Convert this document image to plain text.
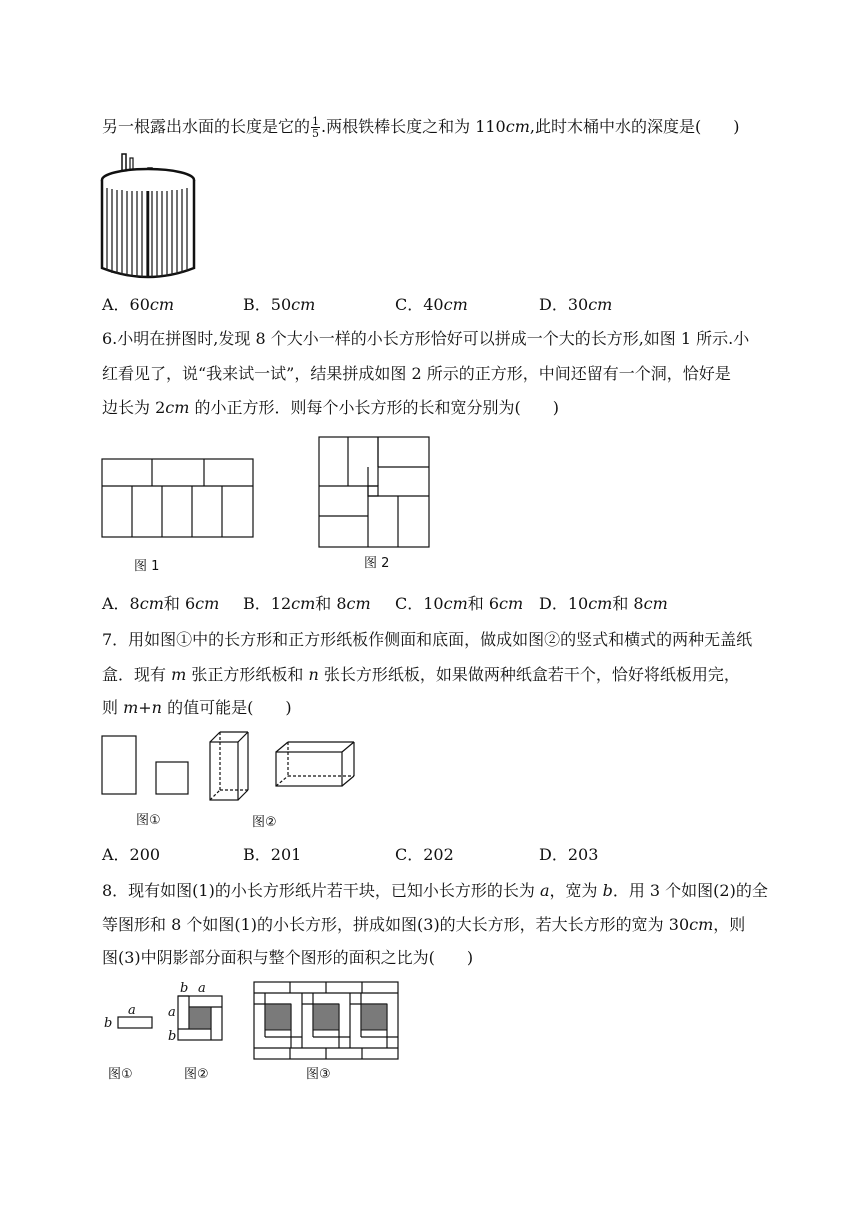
另一根露出水面的长度是它的 $\frac{1}{5}$ .两根铁棒长度之和为 110cm,此时木桶中水的深度是(　　)
A．60cm	B．50cm	C．40cm	D．30cm
6.小明在拼图时,发现 8 个大小一样的小长方形恰好可以拼成一个大的长方形,如图 1 所示.小
红看见了，说“我来试一试”，结果拼成如图 2 所示的正方形，中间还留有一个洞，恰好是
边长为 2cm 的小正方形．则每个小长方形的长和宽分别为(　　)
图 1	图 2
A．8cm和 6cm B．12cm和 8cm C．10cm和 6cm D．10cm和 8cm
7．用如图①中的长方形和正方形纸板作侧面和底面，做成如图②的竖式和横式的两种无盖纸
盒．现有 m 张正方形纸板和 n 张长方形纸板，如果做两种纸盒若干个，恰好将纸板用完，
则 m+n 的值可能是(　　)
图①	图②
A．200	B．201	C．202	D．203
8．现有如图(1)的小长方形纸片若干块，已知小长方形的长为 a，宽为 b．用 3 个如图(2)的全
等图形和 8 个如图(1)的小长方形，拼成如图(3)的大长方形，若大长方形的宽为 30cm，则
图(3)中阴影部分面积与整个图形的面积之比为(　　)
a
b
b a
a
b
图①	图②	图③
